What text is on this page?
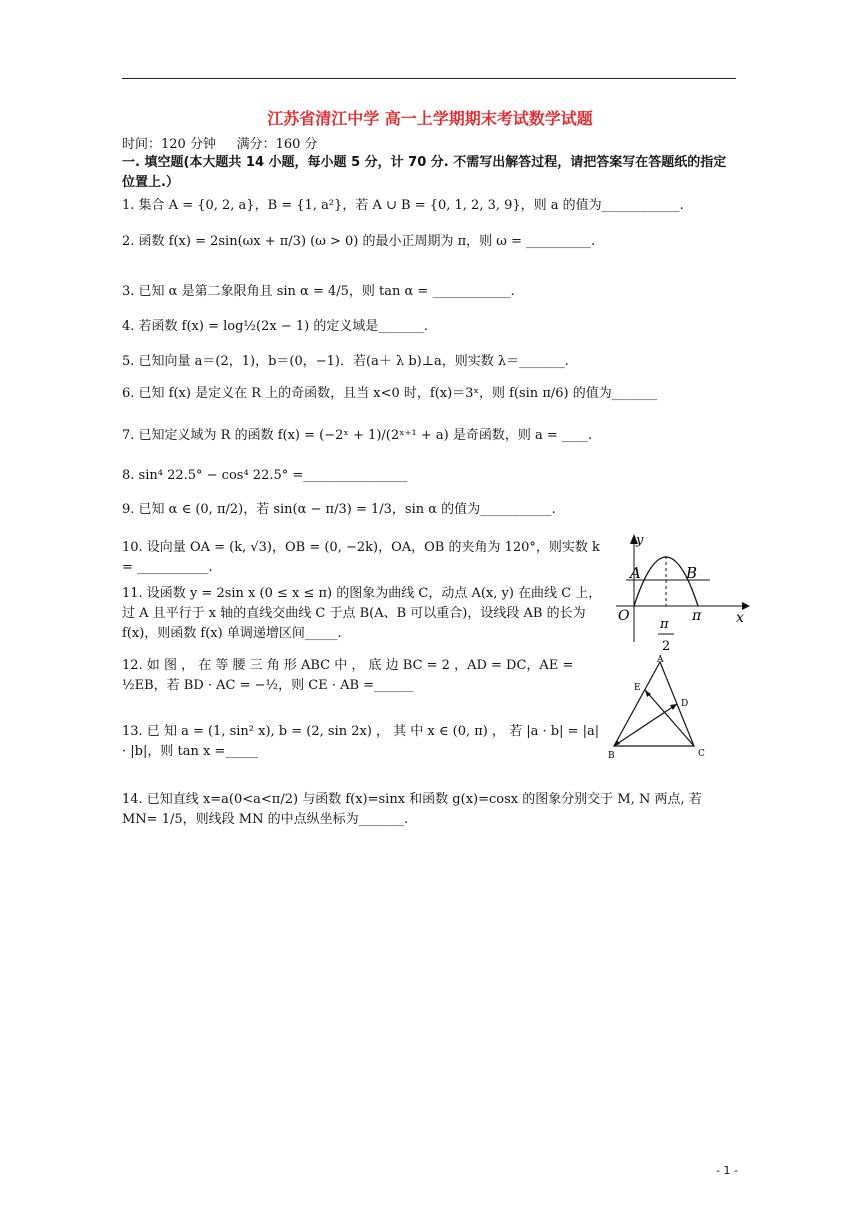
江苏省清江中学 高一上学期期末考试数学试题
时间：120 分钟     满分：160 分
一. 填空题(本大题共 14 小题，每小题 5 分，计 70 分. 不需写出解答过程，请把答案写在答题纸的指定位置上.）
1. 集合 A = {0, 2, a}，B = {1, a²}，若 A ∪ B = {0, 1, 2, 3, 9}，则 a 的值为____________.
2. 函数 f(x) = 2sin(ωx + π/3) (ω > 0) 的最小正周期为 π，则 ω = __________.
3. 已知 α 是第二象限角且 sin α = 4/5，则 tan α = ____________.
4. 若函数 f(x) = log½(2x − 1) 的定义域是_______.
5. 已知向量 a＝(2，1)，b＝(0，−1)．若(a＋ λ b)⊥a，则实数 λ＝_______.
6. 已知 f(x) 是定义在 R 上的奇函数，且当 x<0 时，f(x)＝3ˣ，则 f(sin π/6) 的值为_______
7. 已知定义域为 R 的函数 f(x) = (−2ˣ + 1)/(2ˣ⁺¹ + a) 是奇函数，则 a = ____.
8. sin⁴ 22.5° − cos⁴ 22.5° =________________
9. 已知 α ∈ (0, π/2)，若 sin(α − π/3) = 1/3，sin α 的值为___________.
10. 设向量 OA = (k, √3)，OB = (0, −2k)，OA，OB 的夹角为 120°，则实数 k = ___________.
11. 设函数 y = 2sin x (0 ≤ x ≤ π) 的图象为曲线 C，动点 A(x, y) 在曲线 C 上，过 A 且平行于 x 轴的直线交曲线 C 于点 B(A、B 可以重合)，设线段 AB 的长为 f(x)，则函数 f(x) 单调递增区间_____.
12. 如 图 ， 在 等 腰 三 角 形 ABC 中 ， 底 边 BC = 2 ，AD = DC，AE = ½EB，若 BD · AC = −½，则 CE · AB =______
13. 已 知 a = (1, sin² x), b = (2, sin 2x) ， 其 中 x ∈ (0, π) ， 若 |a · b| = |a| · |b|，则 tan x =_____
14. 已知直线 x=a(0<a<π/2) 与函数 f(x)=sinx 和函数 g(x)=cosx 的图象分别交于 M, N 两点, 若 MN= 1/5，则线段 MN 的中点纵坐标为_______.
y
A	B
O	π x
π
2
A
E
D
B	C
- 1 -
